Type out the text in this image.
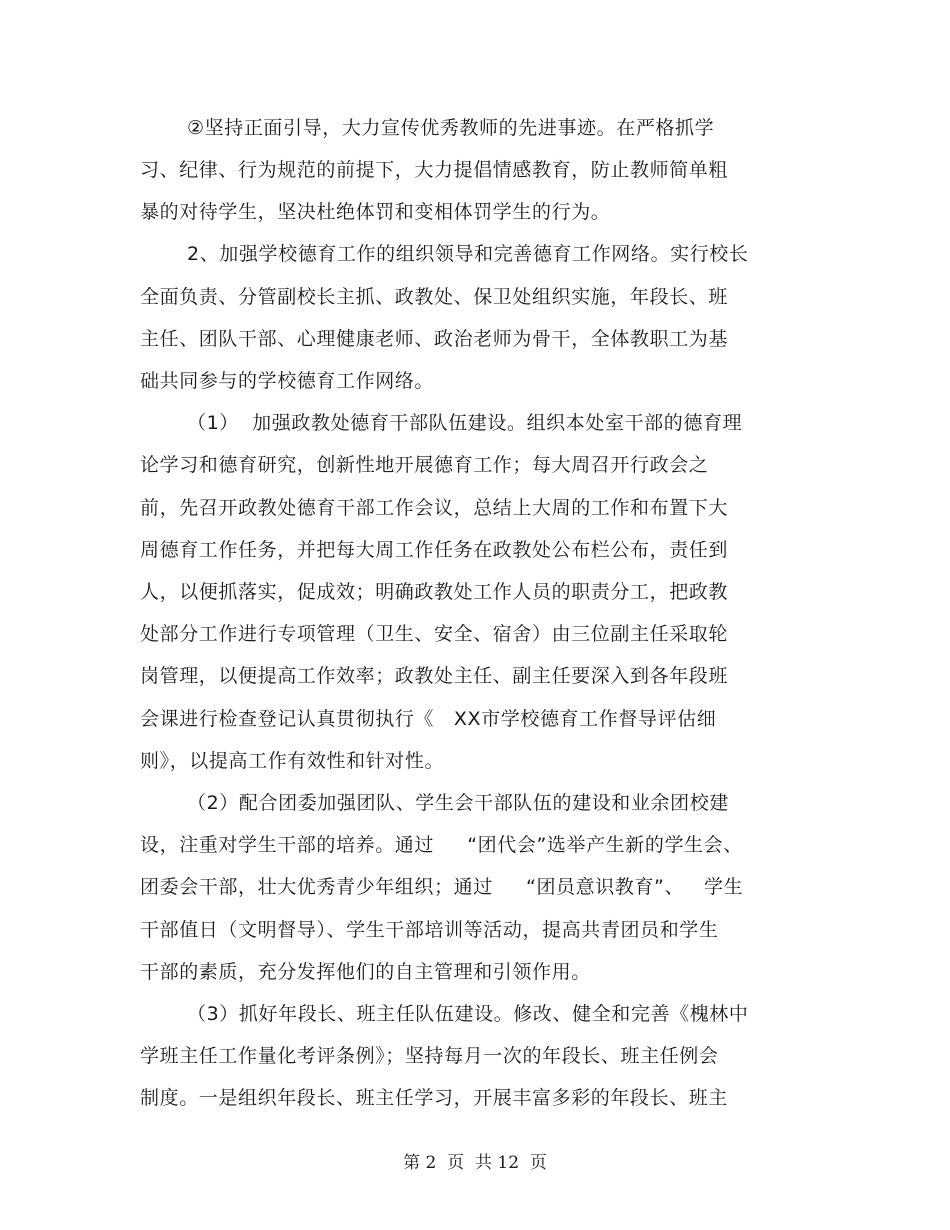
②坚持正面引导，大力宣传优秀教师的先进事迹。在严格抓学
习、纪律、行为规范的前提下，大力提倡情感教育，防止教师简单粗
暴的对待学生，坚决杜绝体罚和变相体罚学生的行为。
2、加强学校德育工作的组织领导和完善德育工作网络。实行校长
全面负责、分管副校长主抓、政教处、保卫处组织实施，年段长、班
主任、团队干部、心理健康老师、政治老师为骨干，全体教职工为基
础共同参与的学校德育工作网络。
（1）  加强政教处德育干部队伍建设。组织本处室干部的德育理
论学习和德育研究，创新性地开展德育工作；每大周召开行政会之
前，先召开政教处德育干部工作会议，总结上大周的工作和布置下大
周德育工作任务，并把每大周工作任务在政教处公布栏公布，责任到
人，以便抓落实，促成效；明确政教处工作人员的职责分工，把政教
处部分工作进行专项管理（卫生、安全、宿舍）由三位副主任采取轮
岗管理，以便提高工作效率；政教处主任、副主任要深入到各年段班
会课进行检查登记认真贯彻执行《   XX市学校德育工作督导评估细
则》，以提高工作有效性和针对性。
（2）配合团委加强团队、学生会干部队伍的建设和业余团校建
设，注重对学生干部的培养。通过     “团代会”选举产生新的学生会、
团委会干部，壮大优秀青少年组织；通过     “团员意识教育”、   学生
干部值日（文明督导）、学生干部培训等活动，提高共青团员和学生
干部的素质，充分发挥他们的自主管理和引领作用。
（3）抓好年段长、班主任队伍建设。修改、健全和完善《槐林中
学班主任工作量化考评条例》；坚持每月一次的年段长、班主任例会
制度。一是组织年段长、班主任学习，开展丰富多彩的年段长、班主
第 2  页  共 12  页
